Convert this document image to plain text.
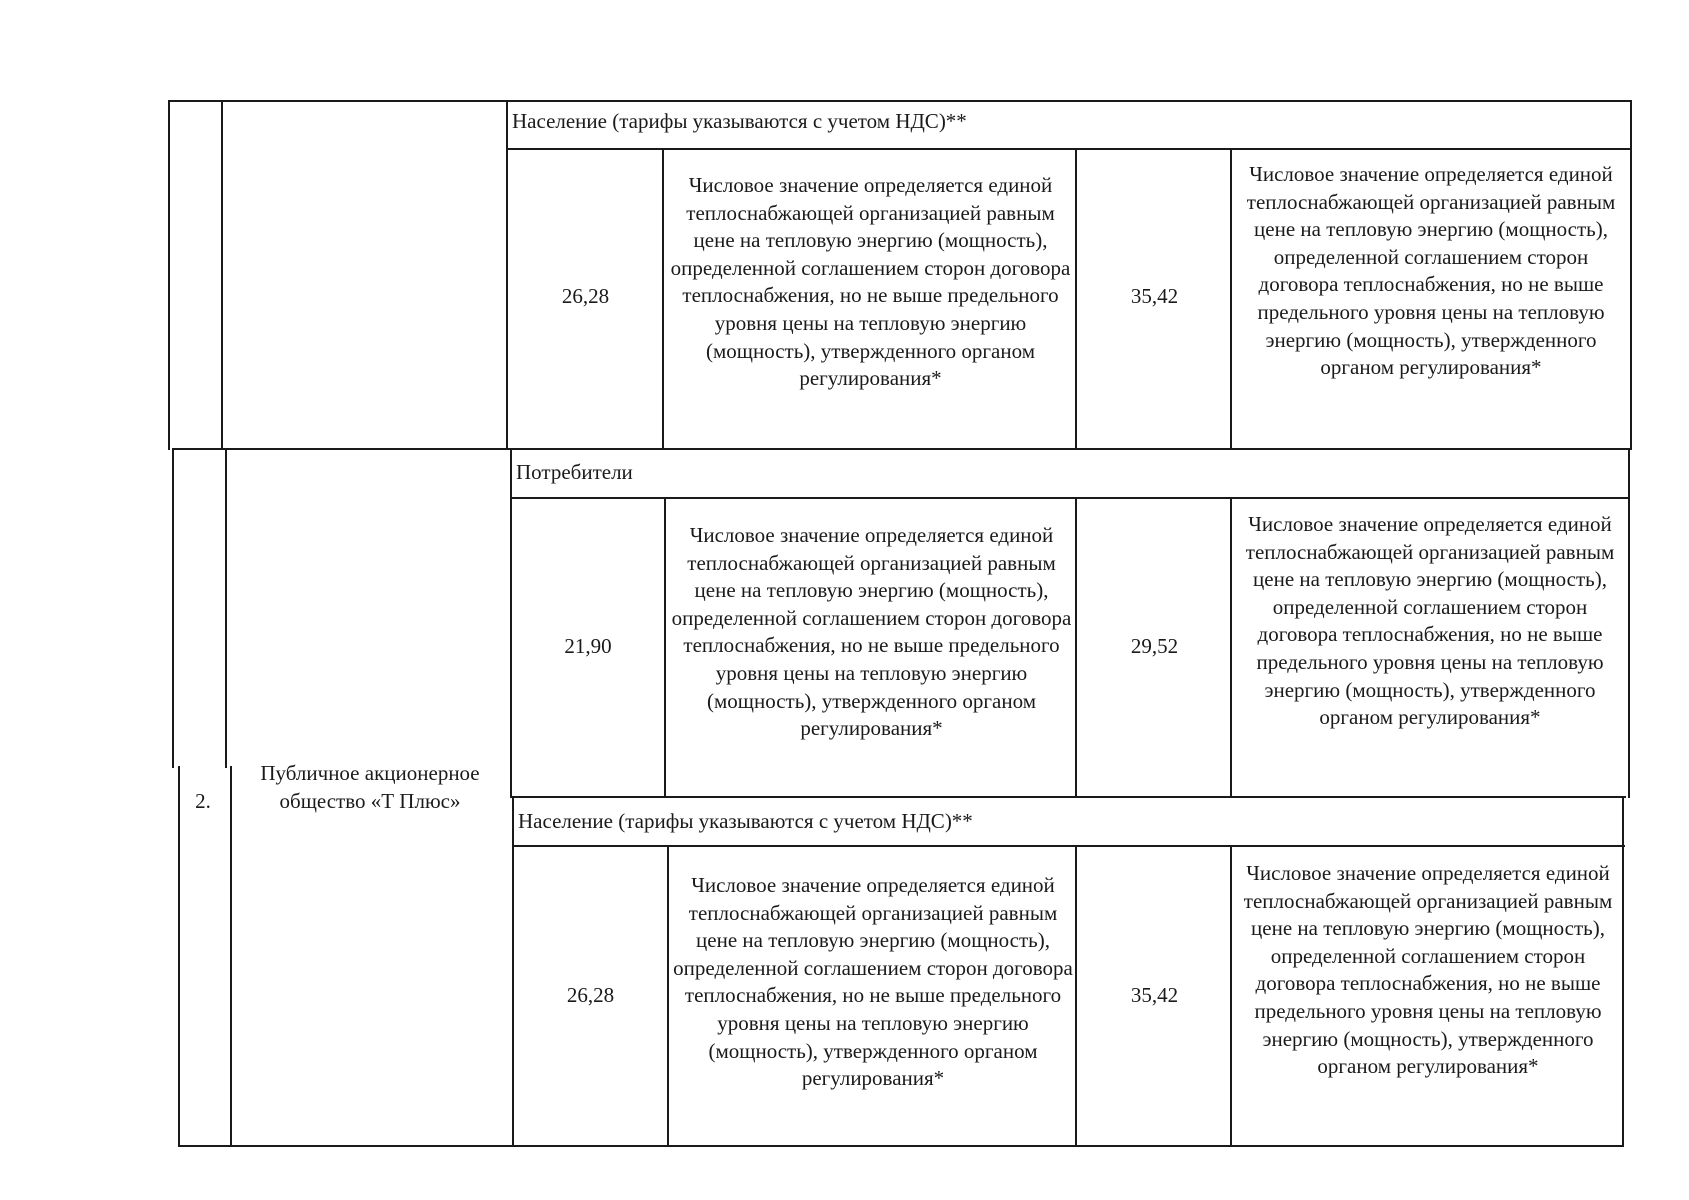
Население (тарифы указываются с учетом НДС)**
26,28
Числовое значение определяется единой теплоснабжающей организацией равным цене на тепловую энергию (мощность), определенной соглашением сторон договора теплоснабжения, но не выше предельного уровня цены на тепловую энергию (мощность), утвержденного органом регулирования*
35,42
Числовое значение определяется единой теплоснабжающей организацией равным цене на тепловую энергию (мощность), определенной соглашением сторон договора теплоснабжения, но не выше предельного уровня цены на тепловую энергию (мощность), утвержденного органом регулирования*
2.
Публичное акционерное общество «Т Плюс»
Потребители
21,90
Числовое значение определяется единой теплоснабжающей организацией равным цене на тепловую энергию (мощность), определенной соглашением сторон договора теплоснабжения, но не выше предельного уровня цены на тепловую энергию (мощность), утвержденного органом регулирования*
29,52
Числовое значение определяется единой теплоснабжающей организацией равным цене на тепловую энергию (мощность), определенной соглашением сторон договора теплоснабжения, но не выше предельного уровня цены на тепловую энергию (мощность), утвержденного органом регулирования*
Население (тарифы указываются с учетом НДС)**
26,28
Числовое значение определяется единой теплоснабжающей организацией равным цене на тепловую энергию (мощность), определенной соглашением сторон договора теплоснабжения, но не выше предельного уровня цены на тепловую энергию (мощность), утвержденного органом регулирования*
35,42
Числовое значение определяется единой теплоснабжающей организацией равным цене на тепловую энергию (мощность), определенной соглашением сторон договора теплоснабжения, но не выше предельного уровня цены на тепловую энергию (мощность), утвержденного органом регулирования*
